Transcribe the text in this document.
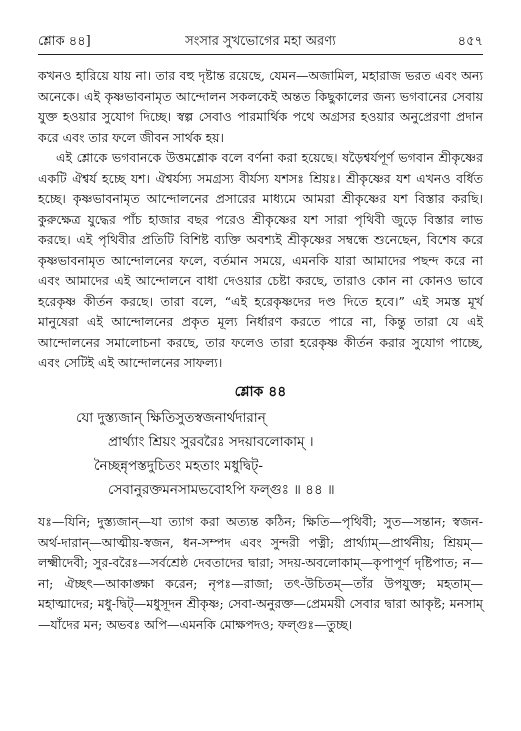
শ্লোক ৪৪]	সংসার সুখভোগের মহা অরণ্য	৪৫৭

কখনও হারিয়ে যায় না। তার বহু দৃষ্টান্ত রয়েছে, যেমন—অজামিল, মহারাজ ভরত এবং অন্য অনেকে। এই কৃষ্ণভাবনামৃত আন্দোলন সকলকেই অন্তত কিছুকালের জন্য ভগবানের সেবায় যুক্ত হওয়ার সুযোগ দিচ্ছে। স্বল্প সেবাও পারমার্থিক পথে অগ্রসর হওয়ার অনুপ্রেরণা প্রদান করে এবং তার ফলে জীবন সার্থক হয়।

এই শ্লোকে ভগবানকে উত্তমশ্লোক বলে বর্ণনা করা হয়েছে। ষড়ৈশ্বর্যপূর্ণ ভগবান শ্রীকৃষ্ণের একটি ঐশ্বর্য হচ্ছে যশ। ঐশ্বর্যস্য সমগ্রস্য বীর্যস্য যশসঃ শ্রিয়ঃ। শ্রীকৃষ্ণের যশ এখনও বর্ধিত হচ্ছে। কৃষ্ণভাবনামৃত আন্দোলনের প্রসারের মাধ্যমে আমরা শ্রীকৃষ্ণের যশ বিস্তার করছি। কুরুক্ষেত্র যুদ্ধের পাঁচ হাজার বছর পরেও শ্রীকৃষ্ণের যশ সারা পৃথিবী জুড়ে বিস্তার লাভ করছে। এই পৃথিবীর প্রতিটি বিশিষ্ট ব্যক্তি অবশ্যই শ্রীকৃষ্ণের সম্বন্ধে শুনেছেন, বিশেষ করে কৃষ্ণভাবনামৃত আন্দোলনের ফলে, বর্তমান সময়ে, এমনকি যারা আমাদের পছন্দ করে না এবং আমাদের এই আন্দোলনে বাধা দেওয়ার চেষ্টা করছে, তারাও কোন না কোনও ভাবে হরেকৃষ্ণ কীর্তন করছে। তারা বলে, “এই হরেকৃষ্ণদের দণ্ড দিতে হবে।” এই সমস্ত মূর্খ মানুষেরা এই আন্দোলনের প্রকৃত মূল্য নির্ধারণ করতে পারে না, কিন্তু তারা যে এই আন্দোলনের সমালোচনা করছে, তার ফলেও তারা হরেকৃষ্ণ কীর্তন করার সুযোগ পাচ্ছে, এবং সেটিই এই আন্দোলনের সাফল্য।

শ্লোক ৪৪
যো দুস্ত্যজান্ ক্ষিতিসুতস্বজনার্থদারান্
প্রার্থ্যাং শ্রিয়ং সুরবরৈঃ সদয়াবলোকাম্ ।
নৈচ্ছন্নৃপস্তদুচিতং মহতাং মধুদ্বিট্-
সেবানুরক্তমনসামভবোঽপি ফল্গুঃ ॥ ৪৪ ॥
যঃ—যিনি; দুস্ত্যজান্—যা ত্যাগ করা অত্যন্ত কঠিন; ক্ষিতি—পৃথিবী; সুত—সন্তান; স্বজন-অর্থ-দারান্—আত্মীয়-স্বজন, ধন-সম্পদ এবং সুন্দরী পত্নী; প্রার্থ্যাম্—প্রার্থনীয়; শ্রিয়ম্—লক্ষ্মীদেবী; সুর-বরৈঃ—সর্বশ্রেষ্ঠ দেবতাদের দ্বারা; সদয়-অবলোকাম্—কৃপাপূর্ণ দৃষ্টিপাত; ন—না; ঐচ্ছৎ—আকাঙ্ক্ষা করেন; নৃপঃ—রাজা; তৎ-উচিতম্—তাঁর উপযুক্ত; মহতাম্—মহাত্মাদের; মধু-দ্বিট্—মধুসূদন শ্রীকৃষ্ণ; সেবা-অনুরক্ত—প্রেমময়ী সেবার দ্বারা আকৃষ্ট; মনসাম্—যাঁদের মন; অভবঃ অপি—এমনকি মোক্ষপদও; ফল্গুঃ—তুচ্ছ।
